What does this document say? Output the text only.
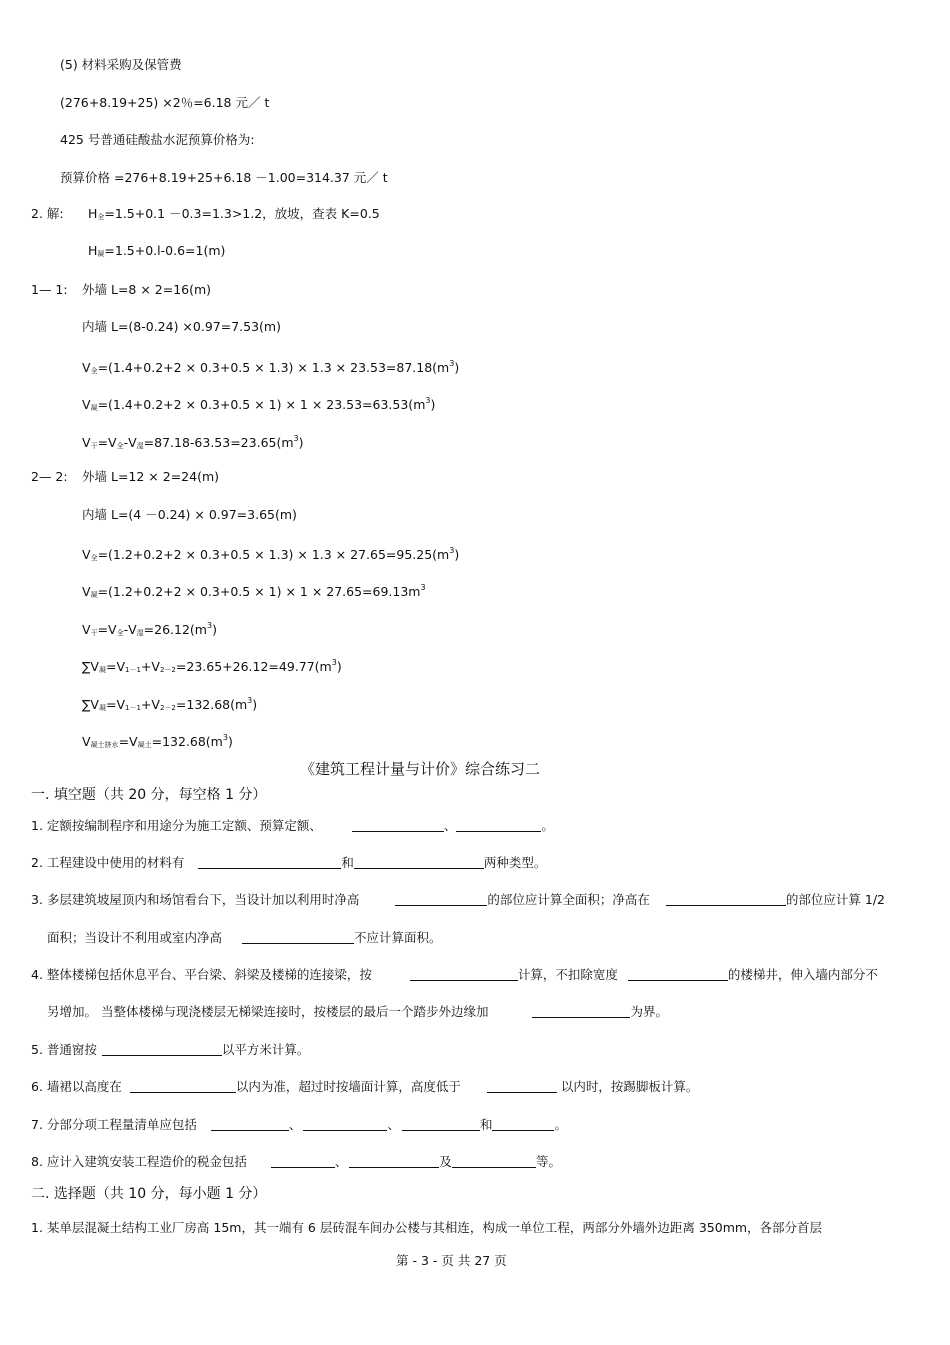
(5) 材料采购及保管费
(276+8.19+25) ×2％=6.18 元／ t
425 号普通硅酸盐水泥预算价格为:
预算价格 =276+8.19+25+6.18 －1.00=314.37 元／ t
2. 解: H全=1.5+0.1 －0.3=1.3>1.2，放坡，查表 K=0.5
H凝=1.5+0.l-0.6=1(m)
1— 1: 外墙 L=8 × 2=16(m)
内墙 L=(8-0.24) ×0.97=7.53(m)
V全$=(1.4+0.2+2 \times 0.3+0.5 \times 1.3) \times 1.3 \times 23.53=87.18(m^3)$
V凝$=(1.4+0.2+2 \times 0.3+0.5 \times 1) \times 1 \times 23.53=63.53(m^3)$
V干=V全-V湿$=87.18-63.53=23.65(m^3)$
2— 2: 外墙 L=12 × 2=24(m)
内墙 L=(4 －0.24) × 0.97=3.65(m)
V全$=(1.2+0.2+2 \times 0.3+0.5 \times 1.3) \times 1.3 \times 27.65=95.25(m^3)$
V凝$=(1.2+0.2+2 \times 0.3+0.5 \times 1) \times 1 \times 27.65=69.13m^3$
V干=V全-V湿$=26.12(m^3)$
∑V凝$=V1-1+V2-2=23.65+26.12=49.77(m^3)$
∑V凝$=V1-1+V2-2=132.68(m^3)$
V凝土挤水=V凝土$=132.68(m^3)$
《建筑工程计量与计价》综合练习二
一. 填空题（共 20 分，每空格 1 分）
1. 定额按编制程序和用途分为施工定额、预算定额、	、	。
2. 工程建设中使用的材料有	和	两种类型。
3. 多层建筑坡屋顶内和场馆看台下，当设计加以利用时净高	的部位应计算全面积；净高在	的部位应计算 1/2
面积；当设计不利用或室内净高	不应计算面积。
4. 整体楼梯包括休息平台、平台梁、斜梁及楼梯的连接梁，按	计算，不扣除宽度	的楼梯井，伸入墙内部分不
另增加。 当整体楼梯与现浇楼层无梯梁连接时，按楼层的最后一个踏步外边缘加	为界。
5. 普通窗按	以平方米计算。
6. 墙裙以高度在	以内为准，超过时按墙面计算，高度低于	以内时，按踢脚板计算。
7. 分部分项工程量清单应包括	、	、	和	。
8. 应计入建筑安装工程造价的税金包括	、	及	等。
二. 选择题（共 10 分，每小题 1 分）
1. 某单层混凝土结构工业厂房高 15m，其一端有 6 层砖混车间办公楼与其相连，构成一单位工程，两部分外墙外边距离 350mm，各部分首层
第 - 3 - 页 共 27 页
